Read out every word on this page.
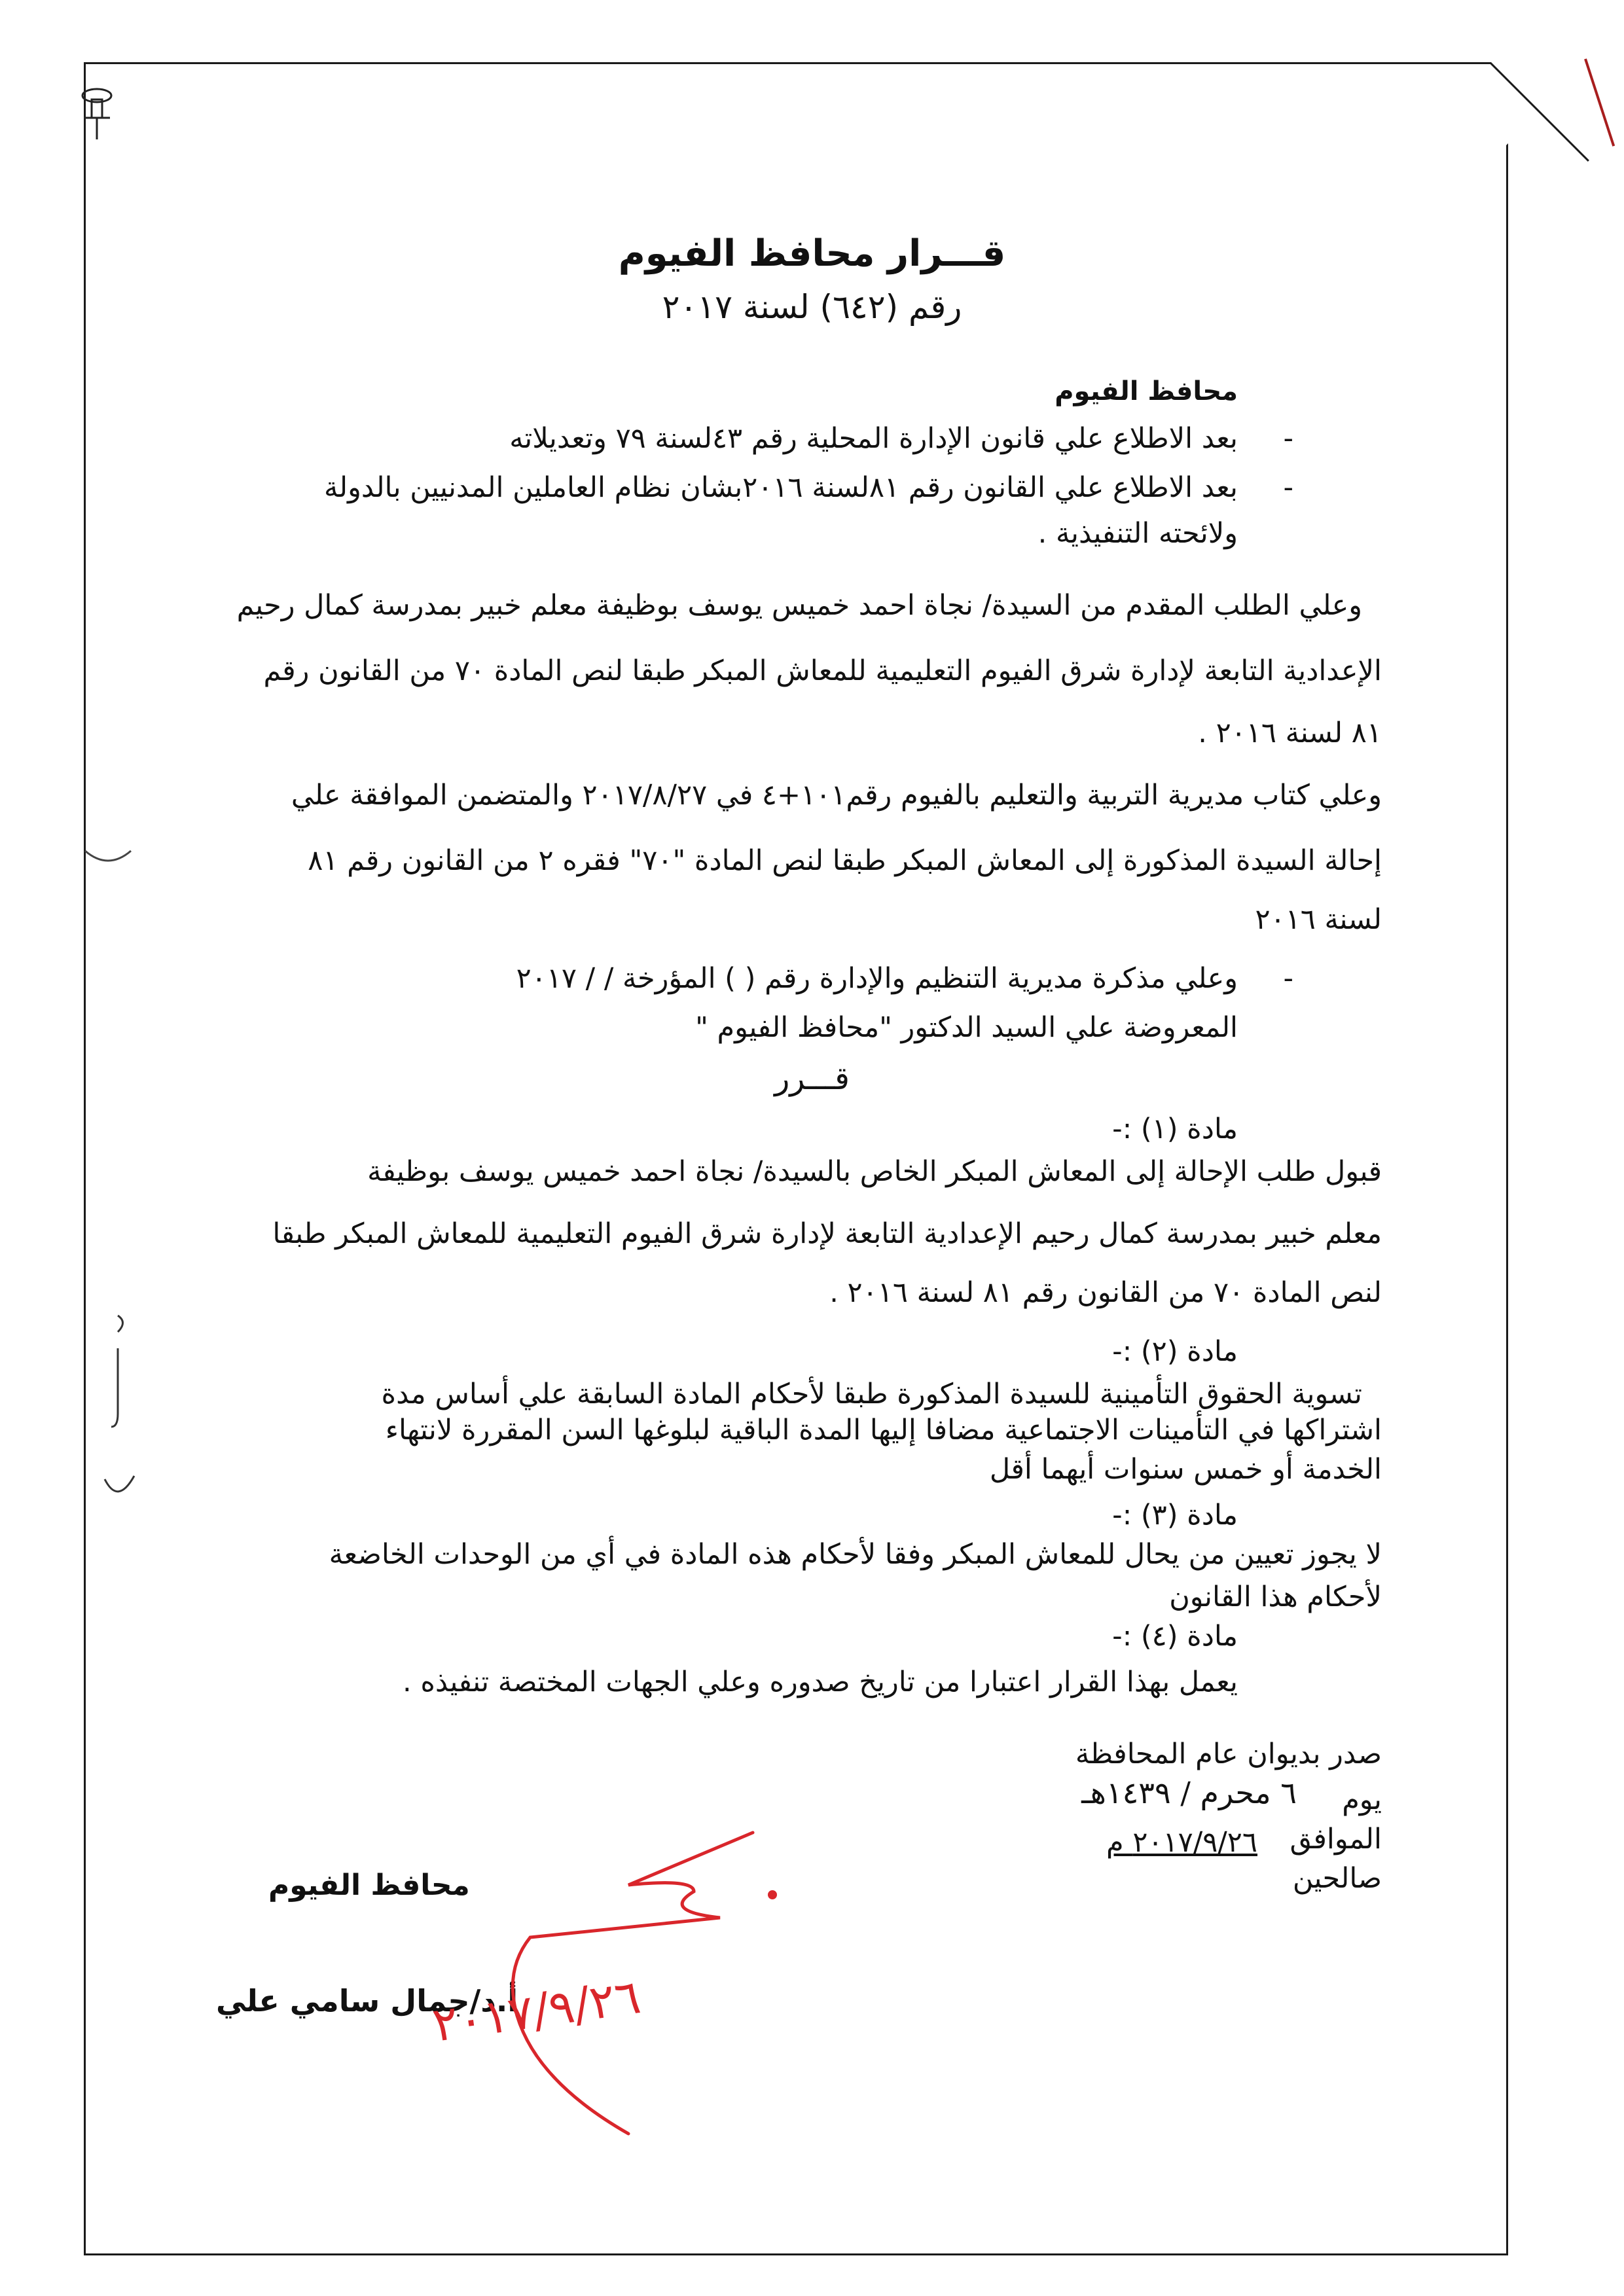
قـــرار محافظ الفيوم
رقم (٦٤٢) لسنة ٢٠١٧
محافظ الفيوم
- بعد الاطلاع علي قانون الإدارة المحلية رقم ٤٣لسنة ٧٩ وتعديلاته
- بعد الاطلاع علي القانون رقم ٨١لسنة ٢٠١٦بشان نظام العاملين المدنيين بالدولة
ولائحته التنفيذية .
وعلي الطلب المقدم من السيدة/ نجاة احمد خميس يوسف بوظيفة معلم خبير بمدرسة كمال رحيم
الإعدادية التابعة لإدارة شرق الفيوم التعليمية للمعاش المبكر طبقا لنص المادة ٧٠ من القانون رقم
٨١ لسنة ٢٠١٦ .
وعلي كتاب مديرية التربية والتعليم بالفيوم رقم١٠١+٤ في ٢٠١٧/٨/٢٧ والمتضمن الموافقة علي
إحالة السيدة المذكورة إلى المعاش المبكر طبقا لنص المادة "٧٠" فقره ٢ من القانون رقم ٨١
لسنة ٢٠١٦
- وعلي مذكرة مديرية التنظيم والإدارة رقم ( ) المؤرخة / / ٢٠١٧
المعروضة علي السيد الدكتور "محافظ الفيوم "
قـــرر
مادة (١) :-
قبول طلب الإحالة إلى المعاش المبكر الخاص بالسيدة/ نجاة احمد خميس يوسف بوظيفة
معلم خبير بمدرسة كمال رحيم الإعدادية التابعة لإدارة شرق الفيوم التعليمية للمعاش المبكر طبقا
لنص المادة ٧٠ من القانون رقم ٨١ لسنة ٢٠١٦ .
مادة (٢) :-
تسوية الحقوق التأمينية للسيدة المذكورة طبقا لأحكام المادة السابقة علي أساس مدة
اشتراكها في التأمينات الاجتماعية مضافا إليها المدة الباقية لبلوغها السن المقررة لانتهاء
الخدمة أو خمس سنوات أيهما أقل
مادة (٣) :-
لا يجوز تعيين من يحال للمعاش المبكر وفقا لأحكام هذه المادة في أي من الوحدات الخاضعة
لأحكام هذا القانون
مادة (٤) :-
يعمل بهذا القرار اعتبارا من تاريخ صدوره وعلي الجهات المختصة تنفيذه .
صدر بديوان عام المحافظة
يوم
٦ محرم / ١٤٣٩هـ
الموافق
٢٠١٧/٩/٢٦ م
صالحين
محافظ الفيوم
أ.د/جمال سامي علي
٢٠١٧/٩/٢٦
